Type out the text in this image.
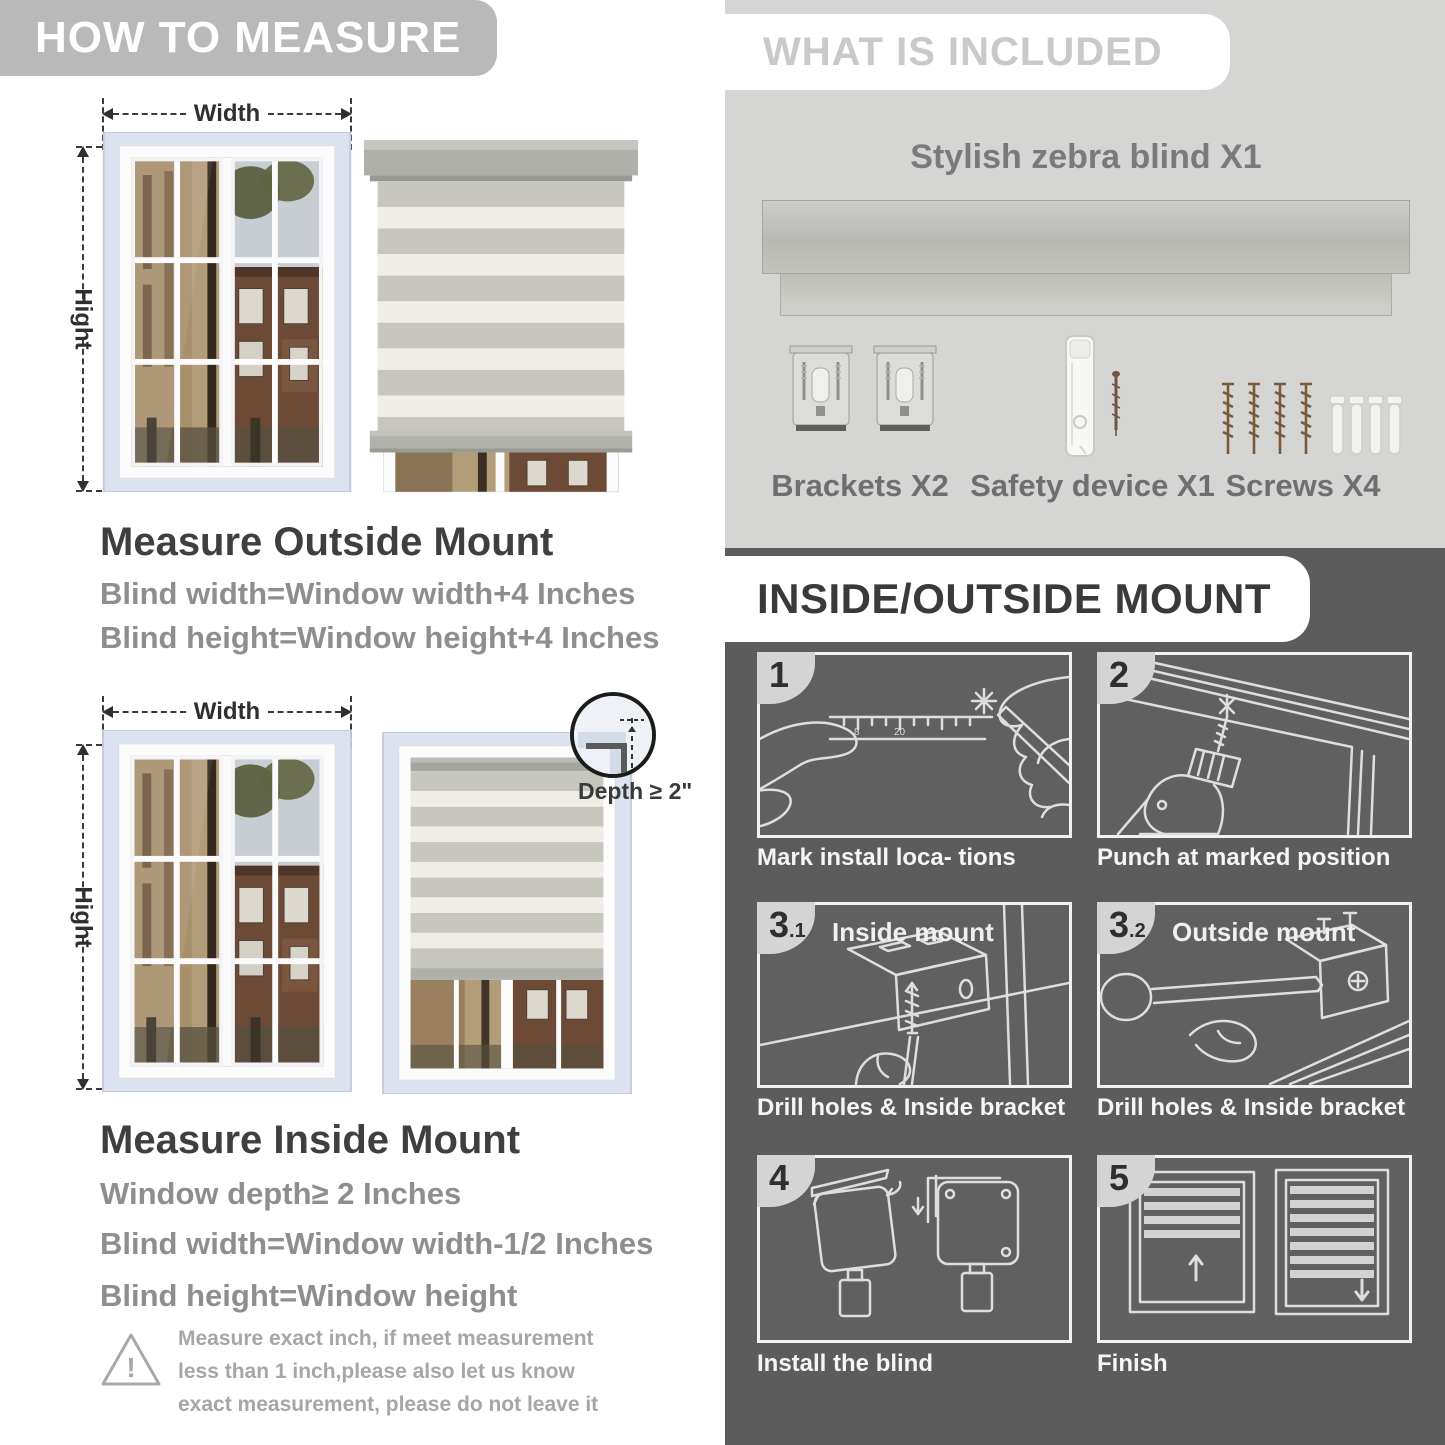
HOW TO MEASURE
Width
Hight
Measure Outside Mount
Blind width=Window width+4 Inches
Blind height=Window height+4 Inches
Width
Hight
Depth ≥ 2"
Measure Inside Mount
Window depth≥ 2 Inches
Blind width=Window width-1/2 Inches
Blind height=Window height
!
Measure exact inch, if meet measurement less than 1 inch,please also let us know exact measurement, please do not leave it
WHAT IS INCLUDED
Stylish zebra blind X1
Brackets X2 Safety device X1 Screws X4
INSIDE/OUTSIDE MOUNT
8	20
1
Mark install loca- tions
2
Punch at marked position
3.1	Inside mount
Drill holes & Inside bracket
3.2	Outside mount
Drill holes & Inside bracket
4
Install the blind
5
Finish
